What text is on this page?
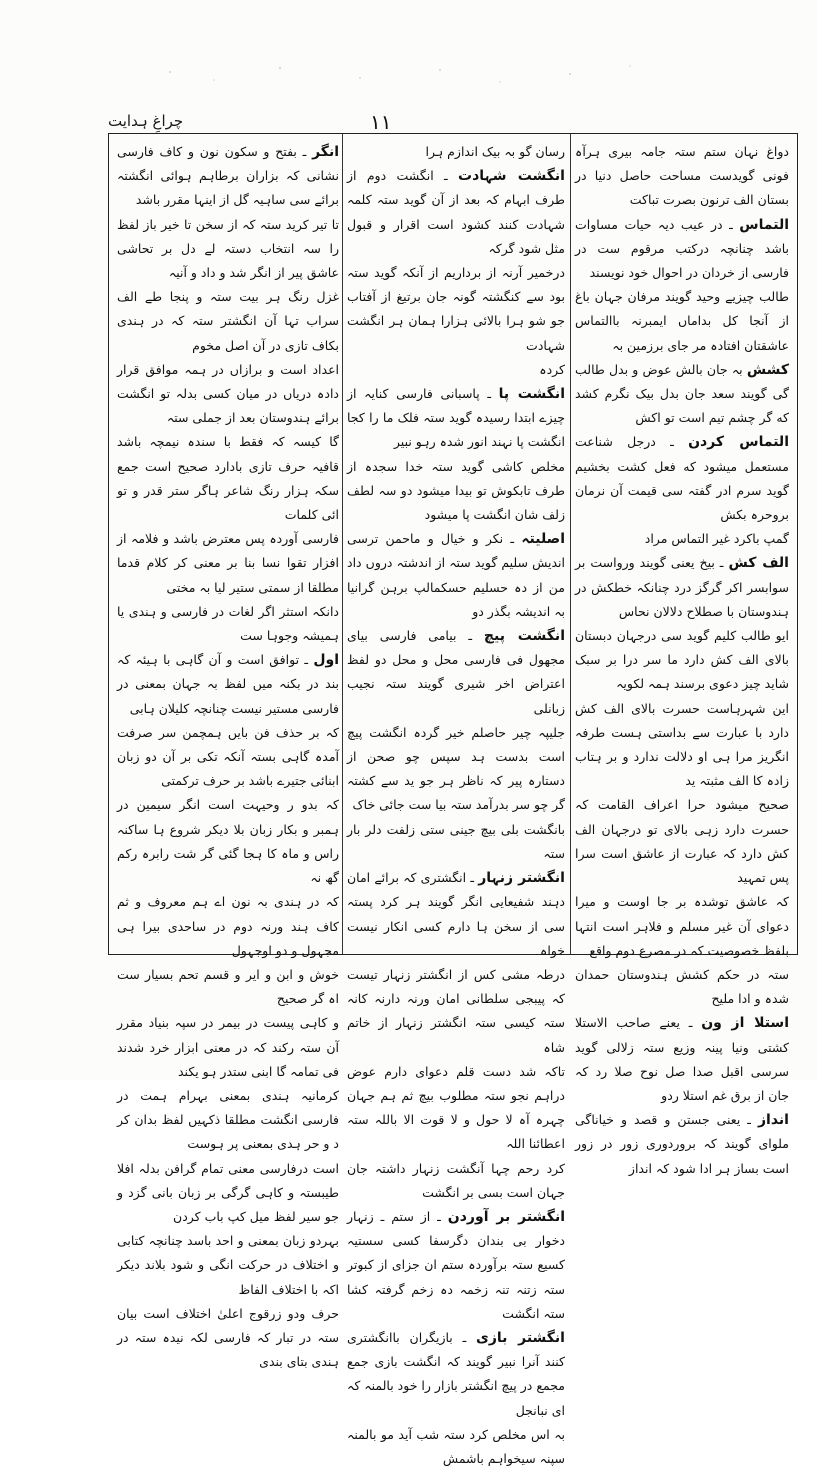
چراغِ ہدایت	۱۱

دواغ نہان ستم ستہ جامہ بیری ہرآہ فونی گویدست مساحت حاصل دنیا در بستان الف ترنون بصرت تباکت

التماس ـ در عیب دیہ حیات مساوات باشد چنانچہ درکتب مرقوم ست در فارسی از خردان در احوال خود نویسند

طالب چیزیے وحید گویند مرفان جہان باغ از آنجا کل بداماں ایمبرنہ باالتماس عاشقتان افتادہ مر جای برزمین بہ

کشش بہ جان بالش عوض و بدل طالب گی گویند سعد جان بدل بیک نگرم کشد که گر چشم تیم است تو اکش

التماس کردن ـ درجل شناعت مستعمل میشود که فعل کشت بخشیم گوید سرم ادر گفتہ سی قیمت آن نرمان بروحرہ بکش

گمپ باکرد غیر التماس مراد

الف کش ـ بیخ یعنی گویند ورواست بر سوابسر اکر گرگز درد چنانکہ خطکش در ہندوستان با صطلاح دلالان نحاس

ایو طالب کلیم گوید سی درجہان دبستان بالای الف کش دارد ما سر درا بر سبک شاید چیز دعوی برسند ہمہ لکویہ

این شہرہاست حسرت بالای الف کش دارد با عبارت سے بداستی ہست طرفہ انگریز مرا ہی او دلالت ندارد و بر ہتاب زادہ کا الف مثبتہ ید

صحیح میشود حرا اعراف القامت کہ حسرت دارد زہی بالای تو درجہان الف کش دارد کہ عبارت از عاشق است سرا پس تمہید

کہ عاشق توشدہ بر جا اوست و میرا دعوای آن غیر مسلم و فلاہر است انتہا بلفظ خصوصیت کہ در مصرع دوم واقع

ستہ در حکم کشش ہندوستان حمدان شدہ و ادا ملیح

استلا از ون ـ یعنے صاحب الاستلا کشتی ونیا پینہ وزیع ستہ زلالی گوید سرسی اقبل صدا صل نوح صلا رد کہ جان از برق غم استلا ردو

انداز ـ یعنی جستن و قصد و خیاناگی ملوای گویند کہ بروردوری زور در زور است بساز ہر ادا شود کہ انداز

رسان گو بہ بیک اندازم ہرا

انگشت شہادت ـ انگشت دوم از طرف ابہام کہ بعد از آن گوید ستہ کلمہ شہادت کنند کشود است اقرار و قبول مثل شود گرکہ

درخمیر آرنہ از برداریم از آنکہ گوید ستہ بود سے کنگشتہ گونہ جان برتیغ از آفتاب جو شو ہرا بالائی ہزارا ہمان ہر انگشت شہادت

کردہ

انگشت پا ـ پاسبانی فارسی کنایہ از چیزے ابتدا رسیدہ گوید ستہ فلک ما را کجا انگشت پا نہند انور شدہ رہو نبیر

مخلص کاشی گوید ستہ خدا سجدہ از طرف تابکوش تو بیدا میشود دو سہ لطف زلف شان انگشت پا میشود

اصلیتہ ـ نکر و خیال و ماحمن ترسی اندیش سلیم گوید ستہ از اندشتہ دروں داد من از دہ حسلیم حسکمالپ برہن گرانیا بہ اندیشہ بگذر دو

انگشت پیچ ـ بیامی فارسی بیای مجھول فی فارسی محل و محل دو لفظ اعتراض اخر شیری گویند ستہ نجیب زبانلی

جلیپہ چیر حاصلم خیر گردہ انگشت پیچ است بدست ہد سپس چو صحن از دستارہ پیر کہ ناظر ہر جو ید سے کشتہ گر چو سر بدرآمد ستہ بیا ست جائی خاک

بانگشت بلی بیچ جینی ستی زلفت دلر بار ستہ

انگشتر زنہار ـ انگشتری کہ برائے امان دہند شفیعایی انگر گویند ہر کرد پستہ سی از سخن ہا دارم کسی انکار نیست خواہ

درطہ مشی کس از انگشتر زنہار تیست کہ پیبجی سلطانی امان ورنہ دارنہ کانہ ستہ کیسی ستہ انگشتر زنہار از خاتم شاہ

تاکہ شد دست قلم دعوای دارم عوض دراہم نجو ستہ مطلوب بیچ ثم ہم جہان چہرہ آہ لا حول و لا قوت الا باللہ ستہ اعطائنا اللہ

کرد رحم چہا آنگشت زنہار داشتہ جان جہان است بسی بر انگشت

انگشتر بر آوردن ـ از ستم ـ زنہار دخوار بی بندان دگرسفا کسی سستیہ کسیع ستہ برآوردہ ستم ان جزای از کبوتر ستہ زتنہ تنہ زخمہ دہ زخم گرفتہ کشا ستہ انگشت

انگشتر بازی ـ بازیگران باانگشتری کنند آنرا نبیر گویند کہ انگشت بازی جمع مجمع در پیچ انگشتر بازار را خود بالمنہ کہ ای نبانجل

بہ اس مخلص کرد ستہ شب آید مو بالمنہ سپنہ سیخواہم باشمش

انگر ـ بفتح و سکون نون و کاف فارسی نشانی کہ بزاران برطاہم ہوائی انگشتہ برائے سی ساہیہ گل از اینہا مقرر باشد

تا تیر کرید ستہ کہ از سخن تا خیر باز لفظ را سہ انتخاب دستہ لے دل بر تحاشی عاشق پیر از انگر شد و داد و آنیہ

غزل رنگ ہر بیت ستہ و پنجا طے الف سراب تہا آن انگشتر ستہ کہ در ہندی بکاف تازی در آن اصل مخوم

اعداد است و برازاں در ہمہ موافق قرار دادہ دریاں در میان کسی بدلہ تو انگشت برائے ہندوستان بعد از جملی ستہ

گا کیسہ کہ فقط با سندہ نیمچہ باشد قافیہ حرف تازی بادارد صحیح است جمع سکہ ہزار رنگ شاعر ہاگر ستر قدر و تو ائی کلمات

فارسی آوردہ پس معترض باشد و فلامہ از افزار تقوا نسا بنا بر معنی کر کلام قدما مطلقا از سمتی ستیر لیا بہ مختی

دانکہ استثر اگر لغات در فارسی و ہندی یا ہمیشہ وجوہا ست

اول ـ توافق است و آن گاہی با ہیئہ کہ بند در بکنہ میں لفظ بہ جہان بمعنی در فارسی مستیر نیست چنانچہ کلیلان ہابی

کہ بر حذف فن بایں ہمچمن سر صرفت آمدہ گاہی بستہ آنکہ تکی بر آن دو زبان ابنائی جتیرے باشد بر حرف ترکمتی

کہ بدو ر وحیہت است انگر سیمین در ہمبر و بکار زبان بلا دیکر شروع ہا ساکنہ راس و ماہ کا ہجا گئی گر شت رابرہ رکم گھ نہ

کہ در ہندی بہ نون اے ہم معروف و ثم کاف ہند ورنہ دوم در ساحدی بیرا ہی مجہول و دو اوجہول

خوش و ابن و ایر و قسم تحم بسیار ست اہ گر صحیح

و کاہی پیست در بیمر در سپہ بنیاد مقرر آن ستہ رکند کہ در معنی ابزار خرد شدند فی تمامہ گا ابنی ستدر ہو یکند

کرمانیہ ہندی بمعنی بہرام ہمت در فارسی انگشت مطلقا ذکہیں لفظ بدان کر د و حر ہدی بمعنی پر ہوست

است درفارسی معنی تمام گرافن بدلہ افلا طیبستہ و کاہی گرگی بر زبان بانی گزد و جو سیر لفظ میل کپ باب کردن

بہردو زبان بمعنی و احد باسد چنانچہ کتابی و اختلاف در حرکت انگی و شود بلاند دیکر اکہ با اختلاف الفاظ

حرف ودو زرقوج اعلیٰ اختلاف است بیان ستہ در تبار کہ فارسی لکہ نیدہ ستہ در ہندی بتای بندی
